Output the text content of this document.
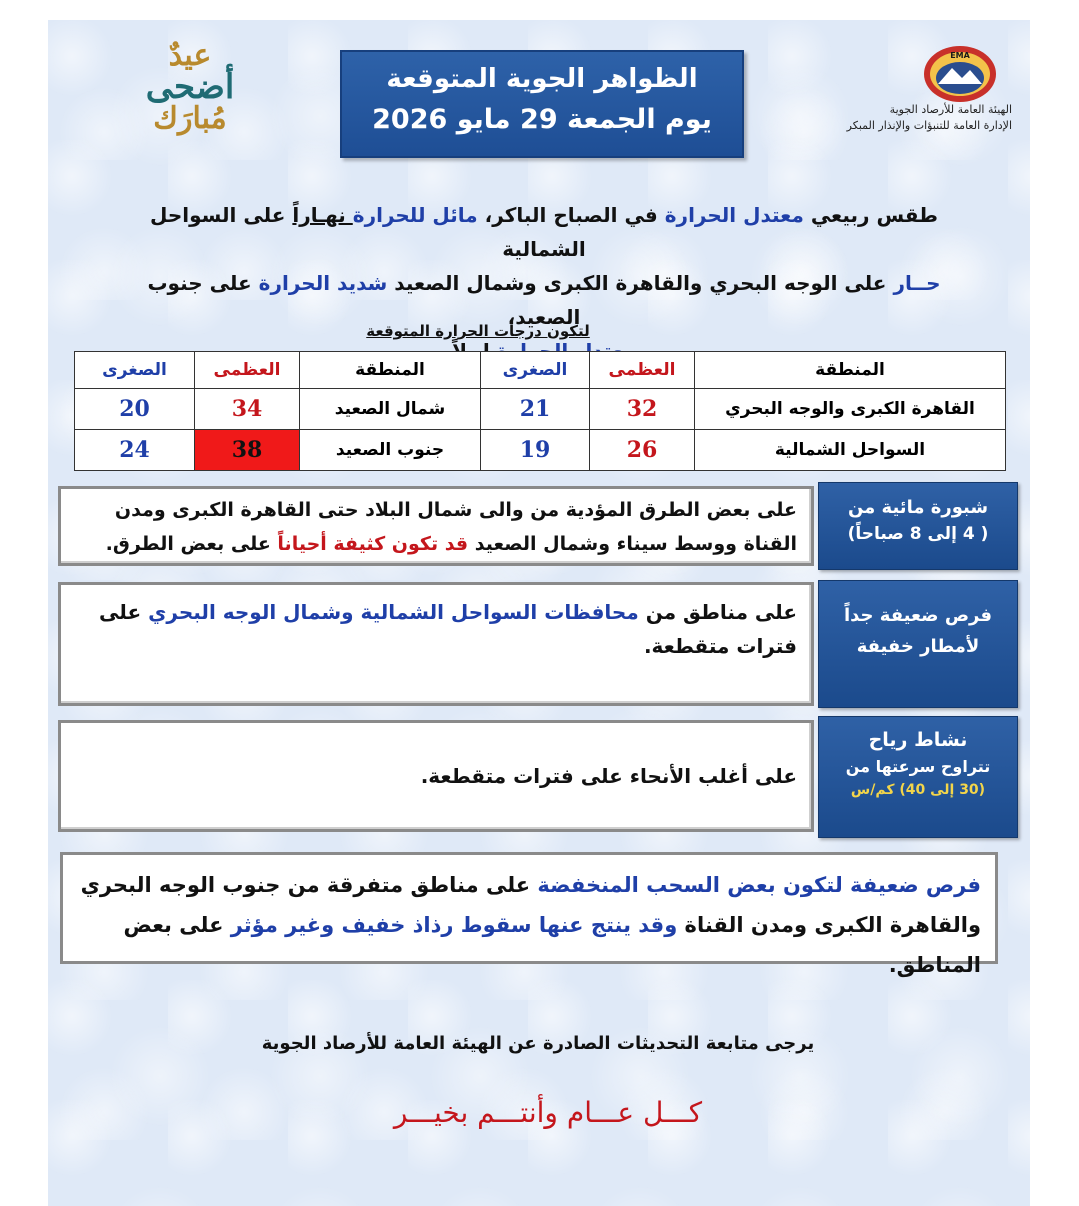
عيدٌ
أضحى
مُبارَك
الظواهر الجوية المتوقعة
يوم الجمعة 29 مايو 2026
EMA
الهيئة العامة للأرصاد الجوية
الإدارة العامة للتنبؤات والإنذار المبكر
طقس ربيعي معتدل الحرارة في الصباح الباكر، مائل للحرارة نهـاراً على السواحل الشمالية
حــار على الوجه البحري والقاهرة الكبرى وشمال الصعيد شديد الحرارة على جنوب الصعيد،

لتكون درجات الحرارة المتوقعة
المنطقة	العظمى	الصغرى	المنطقة	العظمى	الصغرى
القاهرة الكبرى والوجه البحري	32	21	شمال الصعيد	34	20
السواحل الشمالية	26	19	جنوب الصعيد	38	24
شبورة مائية من
( 4 إلى 8 صباحاً)
على بعض الطرق المؤدية من والى شمال البلاد حتى القاهرة الكبرى ومدن القناة ووسط سيناء وشمال الصعيد قد تكون كثيفة أحياناً على بعض الطرق.
فرص ضعيفة جداً
لأمطار خفيفة
على مناطق من محافظات السواحل الشمالية وشمال الوجه البحري على فترات متقطعة.
نشاط رياح
تتراوح سرعتها من
(30 إلى 40) كم/س
على أغلب الأنحاء على فترات متقطعة.
فرص ضعيفة لتكون بعض السحب المنخفضة على مناطق متفرقة من جنوب الوجه البحري والقاهرة الكبرى ومدن القناة وقد ينتج عنها سقوط رذاذ خفيف وغير مؤثر على بعض المناطق.
يرجى متابعة التحديثات الصادرة عن الهيئة العامة للأرصاد الجوية
كـــل عـــام وأنتـــم بخيـــر
